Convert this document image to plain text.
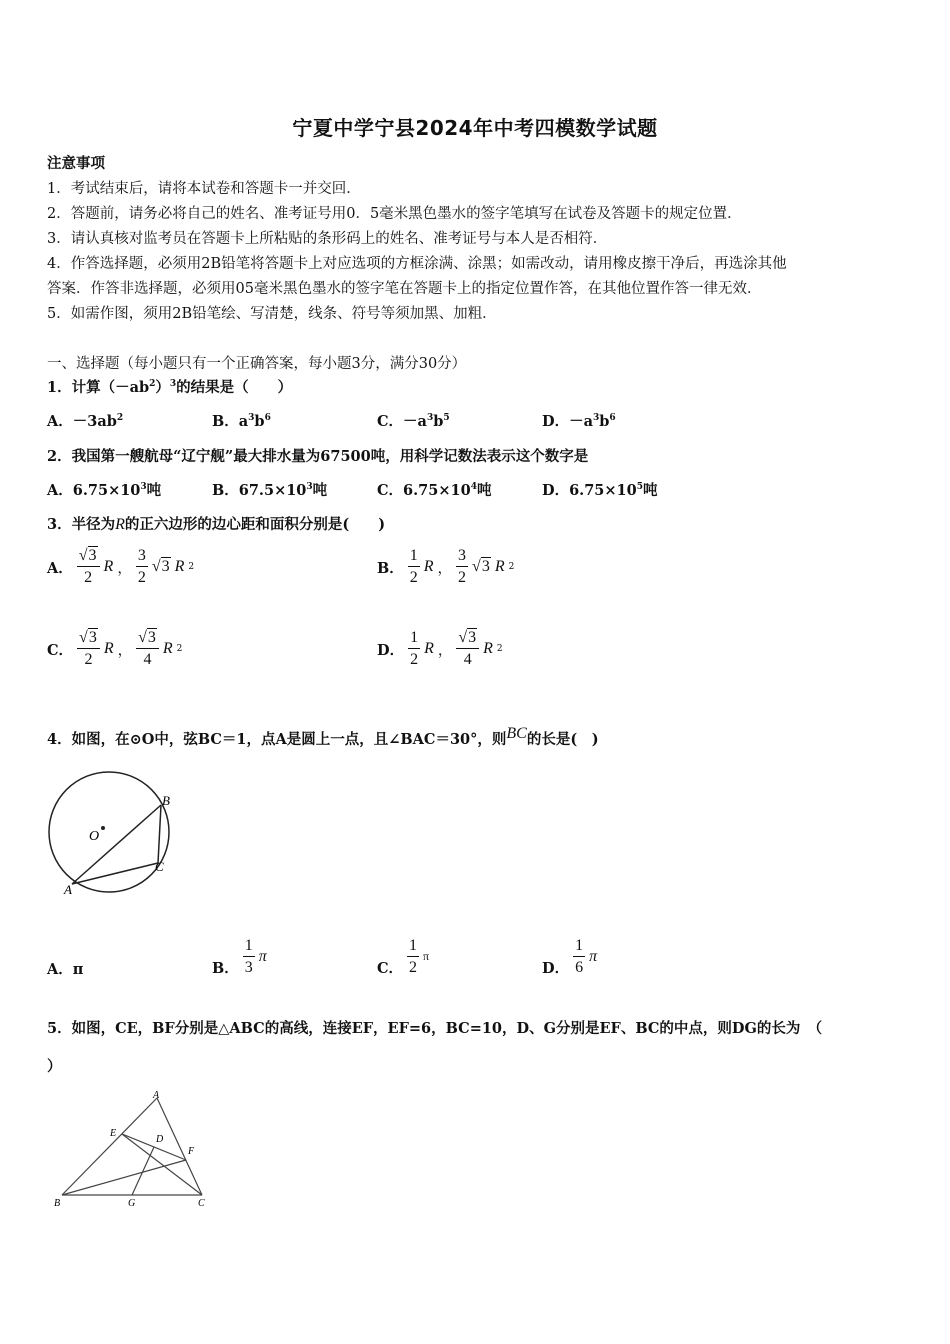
宁夏中学宁县2024年中考四模数学试题
注意事项
1．考试结束后，请将本试卷和答题卡一并交回．
2．答题前，请务必将自己的姓名、准考证号用0．5毫米黑色墨水的签字笔填写在试卷及答题卡的规定位置．
3．请认真核对监考员在答题卡上所粘贴的条形码上的姓名、准考证号与本人是否相符．
4．作答选择题，必须用2B铅笔将答题卡上对应选项的方框涂满、涂黑；如需改动，请用橡皮擦干净后，再选涂其他
答案．作答非选择题，必须用05毫米黑色墨水的签字笔在答题卡上的指定位置作答，在其他位置作答一律无效．
5．如需作图，须用2B铅笔绘、写清楚，线条、符号等须加黑、加粗．
一、选择题（每小题只有一个正确答案，每小题3分，满分30分）
1．计算$(-ab^2)^3$的结果是（　　）
A．$-3ab^2$	B．$a^3b^6$	C．$-a^3b^5$	D．$-a^3b^6$
2．我国第一艘航母“辽宁舰”最大排水量为67500吨，用科学记数法表示这个数字是
A．$6.75\times 10^3$吨	B．$67.5\times 10^3$吨	C．$6.75\times 10^4$吨	D．$6.75\times 10^5$吨
3．半径为R的正六边形的边心距和面积分别是(　　)
A． $\frac{√3}{2}$ R ， $\frac{3}{2} √3$ R 2	B． $\frac{1}{2}$ R ， $\frac{3}{2} √3$ R 2
C． $\frac{√3}{2}$ R ， $\frac{√3}{4}$ R 2	D． $\frac{1}{2}$ R ， $\frac{√3}{4}$ R 2
4．如图，在⊙O中，弦BC＝1，点A是圆上一点，且∠BAC＝30°，则BC的长是(　)
B
O
C
A
A．π	B． $\frac{1}{3}$ π
C． $\frac{1}{2}$ π
D． $\frac{1}{6}$ π
5．如图，CE，BF分别是△ABC的高线，连接EF，EF=6，BC=10，D、G分别是EF、BC的中点，则DG的长为　（
）
A
E
D
F
B	G	C
